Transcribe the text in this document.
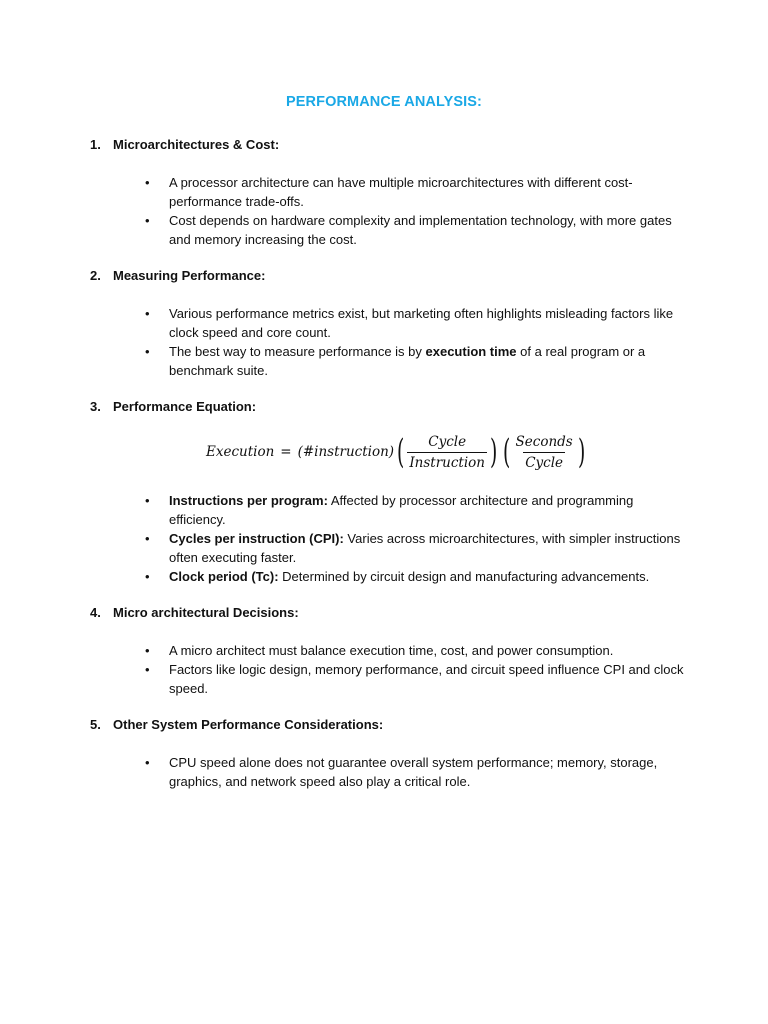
PERFORMANCE ANALYSIS:
1. Microarchitectures & Cost:
• A processor architecture can have multiple microarchitectures with different cost-performance trade-offs.
• Cost depends on hardware complexity and implementation technology, with more gates and memory increasing the cost.
2. Measuring Performance:
• Various performance metrics exist, but marketing often highlights misleading factors like clock speed and core count.
• The best way to measure performance is by execution time of a real program or a benchmark suite.
3. Performance Equation:
Execution = (#instruction) ( $\frac{\text{Cycle}}{\text{Instruction}}$ ) ( $\frac{\text{Seconds}}{\text{Cycle}}$ )
• Instructions per program: Affected by processor architecture and programming efficiency.
• Cycles per instruction (CPI): Varies across microarchitectures, with simpler instructions often executing faster.
• Clock period (Tc): Determined by circuit design and manufacturing advancements.
4. Micro architectural Decisions:
• A micro architect must balance execution time, cost, and power consumption.
• Factors like logic design, memory performance, and circuit speed influence CPI and clock speed.
5. Other System Performance Considerations:
• CPU speed alone does not guarantee overall system performance; memory, storage, graphics, and network speed also play a critical role.
